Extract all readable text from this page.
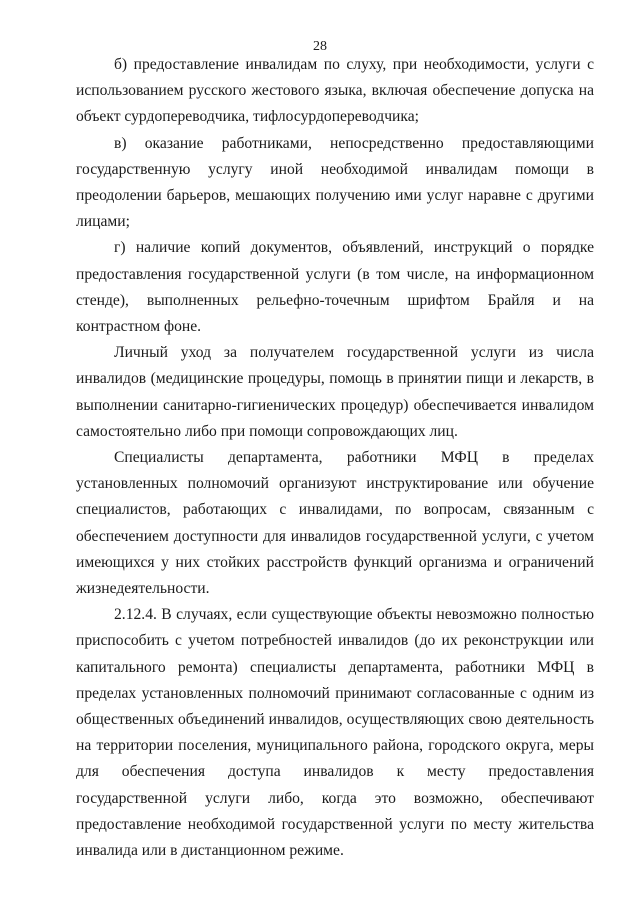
28

б) предоставление инвалидам по слуху, при необходимости, услуги с использованием русского жестового языка, включая обеспечение допуска на объект сурдопереводчика, тифлосурдопереводчика;

в) оказание работниками, непосредственно предоставляющими государственную услугу иной необходимой инвалидам помощи в преодолении барьеров, мешающих получению ими услуг наравне с другими лицами;

г) наличие копий документов, объявлений, инструкций о порядке предоставления государственной услуги (в том числе, на информационном стенде), выполненных рельефно-точечным шрифтом Брайля и на контрастном фоне.

Личный уход за получателем государственной услуги из числа инвалидов (медицинские процедуры, помощь в принятии пищи и лекарств, в выполнении санитарно-гигиенических процедур) обеспечивается инвалидом самостоятельно либо при помощи сопровождающих лиц.

Специалисты департамента, работники МФЦ в пределах установленных полномочий организуют инструктирование или обучение специалистов, работающих с инвалидами, по вопросам, связанным с обеспечением доступности для инвалидов государственной услуги, с учетом имеющихся у них стойких расстройств функций организма и ограничений жизнедеятельности.

2.12.4. В случаях, если существующие объекты невозможно полностью приспособить с учетом потребностей инвалидов (до их реконструкции или капитального ремонта) специалисты департамента, работники МФЦ в пределах установленных полномочий принимают согласованные с одним из общественных объединений инвалидов, осуществляющих свою деятельность на территории поселения, муниципального района, городского округа, меры для обеспечения доступа инвалидов к месту предоставления государственной услуги либо, когда это возможно, обеспечивают предоставление необходимой государственной услуги по месту жительства инвалида или в дистанционном режиме.
